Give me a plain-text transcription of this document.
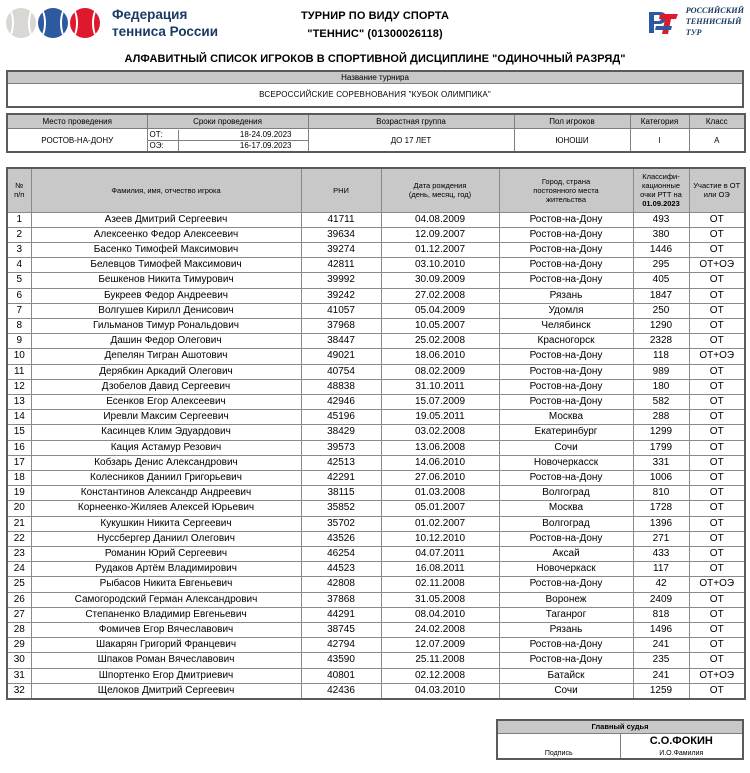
Федерация
тенниса России
ТУРНИР ПО ВИДУ СПОРТА
"ТЕННИС" (01300026118)
РОССИЙСКИЙ
ТЕННИСНЫЙ
ТУР
АЛФАВИТНЫЙ СПИСОК ИГРОКОВ В СПОРТИВНОЙ ДИСЦИПЛИНЕ "ОДИНОЧНЫЙ РАЗРЯД"
Название турнира
ВСЕРОССИЙСКИЕ СОРЕВНОВАНИЯ "КУБОК ОЛИМПИКА"
Место проведения	Сроки проведения	Возрастная группа	Пол игроков	Категория	Класс
РОСТОВ-НА-ДОНУ	
ОТ:	18-24.09.2023
ОЭ:	16-17.09.2023
	ДО 17 ЛЕТ	ЮНОШИ	I	А
№
п/п	Фамилия, имя, отчество игрока	РНИ	Дата рождения
(день, месяц, год)	Город, страна
постоянного места
жительства	Классифи-
кационные
очки РТТ на
01.09.2023	Участие в ОТ
или ОЭ
1	Азеев Дмитрий Сергеевич	41711	04.08.2009	Ростов-на-Дону	493	ОТ
2	Алексеенко Федор Алексеевич	39634	12.09.2007	Ростов-на-Дону	380	ОТ
3	Басенко Тимофей Максимович	39274	01.12.2007	Ростов-на-Дону	1446	ОТ
4	Белевцов Тимофей Максимович	42811	03.10.2010	Ростов-на-Дону	295	ОТ+ОЭ
5	Бешкенов Никита Тимурович	39992	30.09.2009	Ростов-на-Дону	405	ОТ
6	Букреев Федор Андреевич	39242	27.02.2008	Рязань	1847	ОТ
7	Волгушев Кирилл Денисович	41057	05.04.2009	Удомля	250	ОТ
8	Гильманов Тимур Рональдович	37968	10.05.2007	Челябинск	1290	ОТ
9	Дашин Федор Олегович	38447	25.02.2008	Красногорск	2328	ОТ
10	Депелян Тигран Ашотович	49021	18.06.2010	Ростов-на-Дону	118	ОТ+ОЭ
11	Дерябкин Аркадий Олегович	40754	08.02.2009	Ростов-на-Дону	989	ОТ
12	Дзобелов Давид Сергеевич	48838	31.10.2011	Ростов-на-Дону	180	ОТ
13	Есенков Егор Алексеевич	42946	15.07.2009	Ростов-на-Дону	582	ОТ
14	Иревли Максим Сергеевич	45196	19.05.2011	Москва	288	ОТ
15	Касинцев Клим Эдуардович	38429	03.02.2008	Екатеринбург	1299	ОТ
16	Кация Астамур Резович	39573	13.06.2008	Сочи	1799	ОТ
17	Кобзарь Денис Александрович	42513	14.06.2010	Новочеркасск	331	ОТ
18	Колесников Даниил Григорьевич	42291	27.06.2010	Ростов-на-Дону	1006	ОТ
19	Константинов Александр Андреевич	38115	01.03.2008	Волгоград	810	ОТ
20	Корнеенко-Жиляев Алексей Юрьевич	35852	05.01.2007	Москва	1728	ОТ
21	Кукушкин Никита Сергеевич	35702	01.02.2007	Волгоград	1396	ОТ
22	Нуссбергер Даниил Олегович	43526	10.12.2010	Ростов-на-Дону	271	ОТ
23	Романин Юрий Сергеевич	46254	04.07.2011	Аксай	433	ОТ
24	Рудаков Артём Владимирович	44523	16.08.2011	Новочеркаск	117	ОТ
25	Рыбасов Никита Евгеньевич	42808	02.11.2008	Ростов-на-Дону	42	ОТ+ОЭ
26	Самогородский Герман Александрович	37868	31.05.2008	Воронеж	2409	ОТ
27	Степаненко Владимир Евгеньевич	44291	08.04.2010	Таганрог	818	ОТ
28	Фомичев Егор Вячеславович	38745	24.02.2008	Рязань	1496	ОТ
29	Шакарян Григорий Францевич	42794	12.07.2009	Ростов-на-Дону	241	ОТ
30	Шпаков Роман Вячеславович	43590	25.11.2008	Ростов-на-Дону	235	ОТ
31	Шпортенко Егор Дмитриевич	40801	02.12.2008	Батайск	241	ОТ+ОЭ
32	Щелоков Дмитрий Сергеевич	42436	04.03.2010	Сочи	1259	ОТ
Главный судья

Подпись

С.О.ФОКИН
И.О.Фамилия
